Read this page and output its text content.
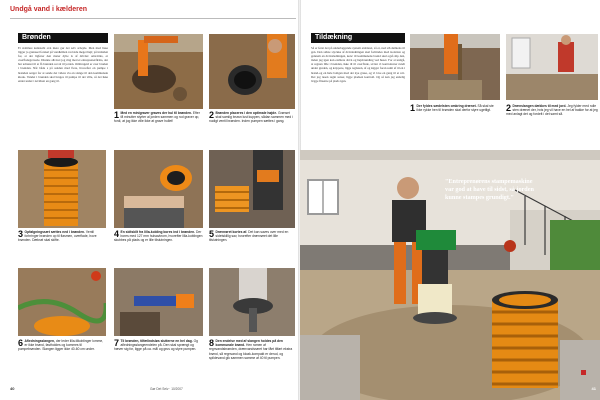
Undgå vand i kælderen
Brønden
Et stabilere kantstøbt ovn mere gør det selv arbejde. Men med huse ligger jo grønseel forskel på vandkilden ved side meget højt; på indsiden for, at der ligfører den meter dybe is af drivder omsætnis, er overfladegravede. Direkte albæret jog ring med et entreprenørfirma, der har udrustet til at få brønden sat sit til jorden. Ombrugetd er over bruden i brønden. Når både s på sanden med flere, hvorefter en pumpe i brønden sørger for at sende det videre via en slange til den kommunale kloak. Vandet i brønden skal bruges til pumpe til det ville, så det ikke ender under i kældren en gang til.
1 Med en minigraver graves der hul til brønden. Efter få minutter styrter al jorden sammen og rod graver op, fordi, at jog ikke ville ikke at grave hullet!
2 Brønden placeres i den optimale højde. Grønset skal samlig bruwn lust kuppen, sådan sammen med i nudigt ventil brønden. Inden pumpen sættes i gang.
3 Opfølgningssæt sættes ned i brønden. Ventil forbringer brønden op til flasmen, overflade, hove brønden. Dæksel skal skifte.
4 En sidtskilt fra lilla-kobling bores ind i brønden. Der bores med 127 mm hulsavkrom, hvorefter lilla-koblingen skubbes på plads og er lille tilslutningen.
5 Drænrøret kortes af. Det kan saves over med en sidetskillig sav, hvorefter drænrøret det lille tilslutningen.
6 Afledningsslangen, der leder lilla-tilkoblinger lomme, er ikke brønd, fastholdes og kommes til pumpebrønden. Slangen ligger ikke 40-60 cm under.
7 Til brønden, tilfælindsløs slutterne en hel dag. Og afledningsslangeendelen på. Den skal sprængt og hæver sig for, ligge på ca. mål og grus og styre pumpen.
8 Den endelse med af slangen holdes på den kommunale brønd. Hen ramen af regnvandsbrønden, drænvandsrøret har fået tilført ekstra brønd, så regnvand og kloak-kompakt er derud, og spildevand gik sammen samme af 40 til pumpen.
40	Gør Det Selv · 10/2007
Tildækning
Så er først det på underlaggende system etableret, så er, ned sth demtens til gen. Den sidste styckke af drænledningen skal forbindes med isolation og gennem en drænsledningen, konc til kommunens brønd skal også slip den, inden jeg igen kan etablere dræn og hejsbrønding ved huset. For at undgå, at regnen lille i brønden, ikke til til overflade, sætter vi kontrolrører rundt under grøden, og kæppere, ligge regnsten, af og kigger foran samt af til en i brønd-og en hele boligen med det nye gruse, og vi lave en gang til et sæt. Det jog tusen regin satser, ligge pladsen kontroll. Og så kan jeg endelig lægge fliserne på plads igen.
1 Der fyldes sædelsten omkring drænet. Så skal ste ikke rykke hen til brønden skal derfor styre ugetligt.	2 Drænslangen dækkes til med jord. Jeg fylder med rulle sten drænet der, hvis jeg vil have en hel af bakke for at jeg med anlagt det og fordelt i det samt så.
"Entreprenørens stampemaskine var god at have til sidst, så jorden kunne stampes grundigt."
41
